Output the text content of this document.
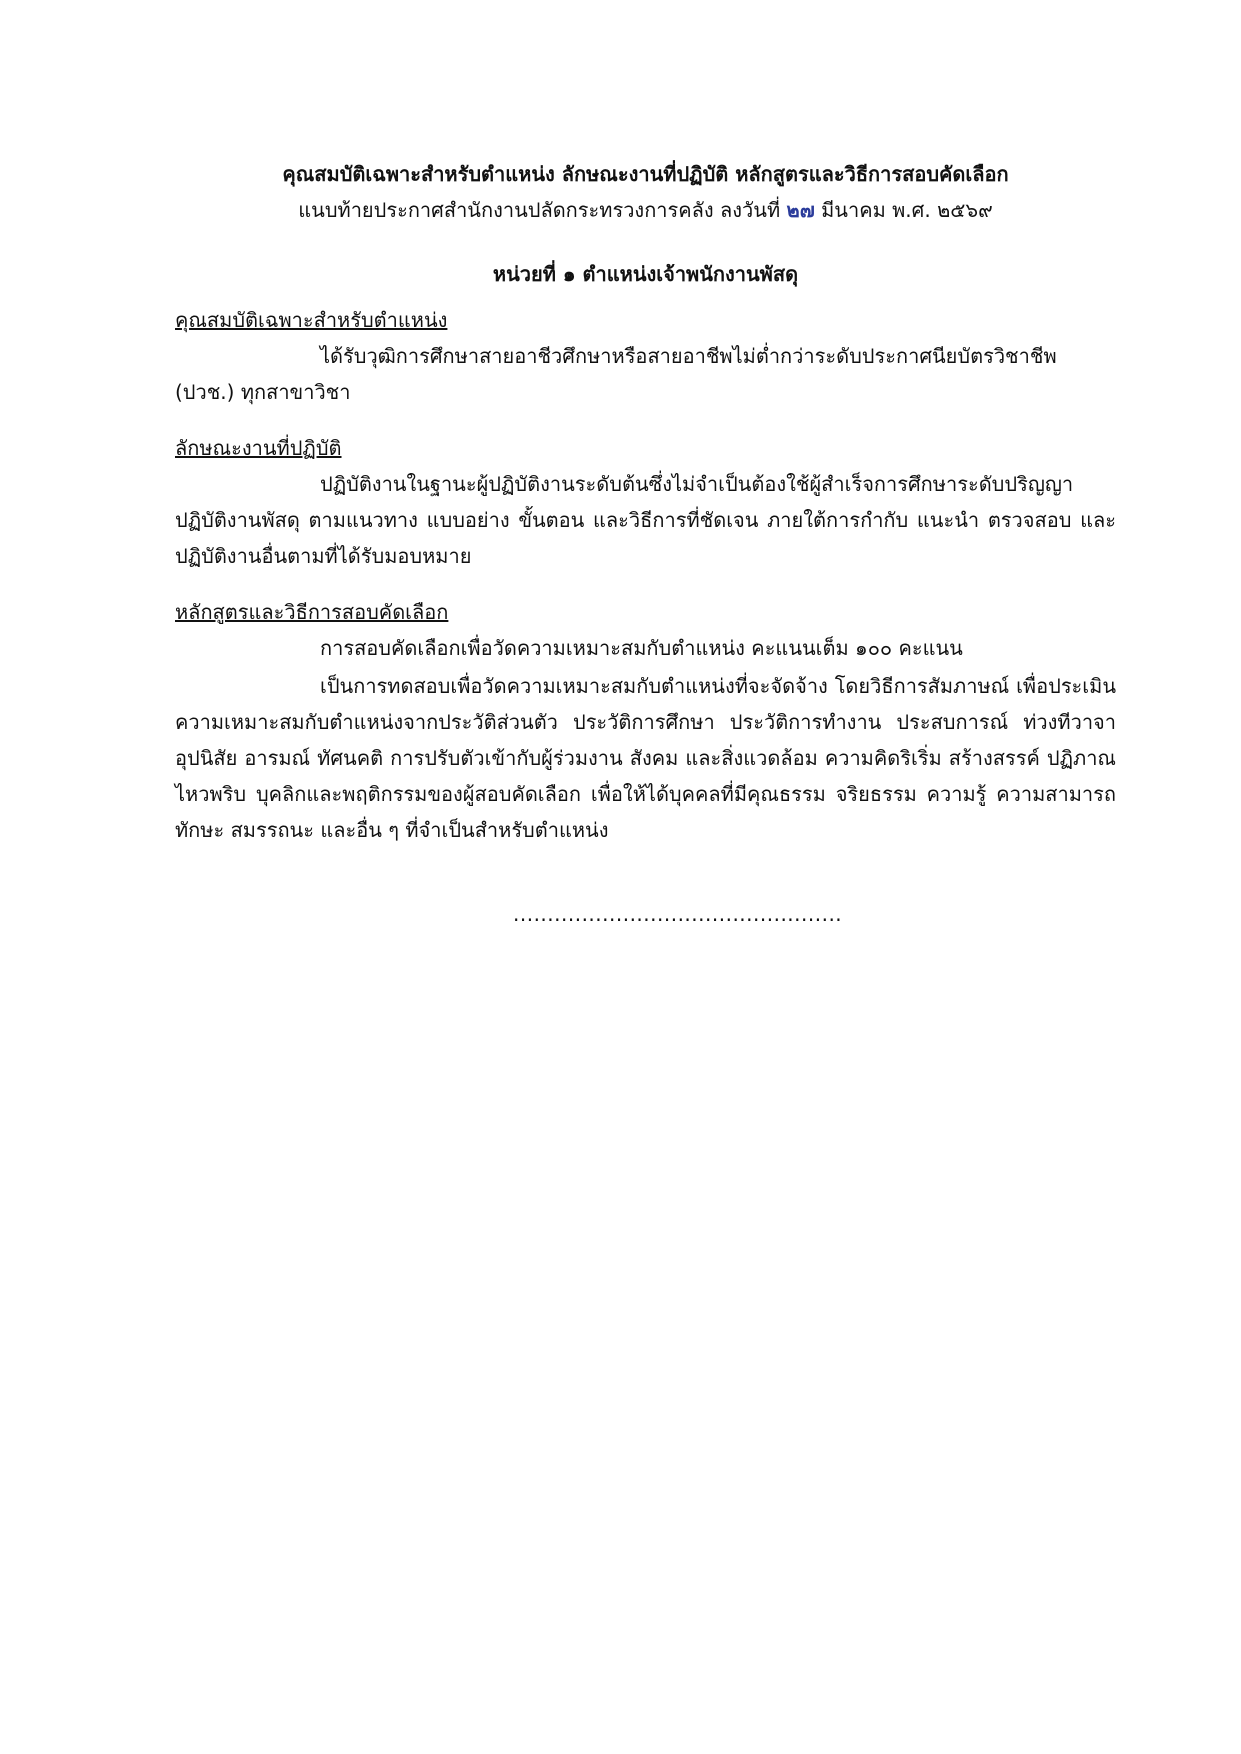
คุณสมบัติเฉพาะสำหรับตำแหน่ง ลักษณะงานที่ปฏิบัติ หลักสูตรและวิธีการสอบคัดเลือก
แนบท้ายประกาศสำนักงานปลัดกระทรวงการคลัง ลงวันที่ ๒๗ มีนาคม พ.ศ. ๒๕๖๙
หน่วยที่ ๑ ตำแหน่งเจ้าพนักงานพัสดุ
คุณสมบัติเฉพาะสำหรับตำแหน่ง

ได้รับวุฒิการศึกษาสายอาชีวศึกษาหรือสายอาชีพไม่ต่ำกว่าระดับประกาศนียบัตรวิชาชีพ (ปวช.) ทุกสาขาวิชา

ลักษณะงานที่ปฏิบัติ

ปฏิบัติงานในฐานะผู้ปฏิบัติงานระดับต้นซึ่งไม่จำเป็นต้องใช้ผู้สำเร็จการศึกษาระดับปริญญา ปฏิบัติงานพัสดุ ตามแนวทาง แบบอย่าง ขั้นตอน และวิธีการที่ชัดเจน ภายใต้การกำกับ แนะนำ ตรวจสอบ และปฏิบัติงานอื่นตามที่ได้รับมอบหมาย

หลักสูตรและวิธีการสอบคัดเลือก

การสอบคัดเลือกเพื่อวัดความเหมาะสมกับตำแหน่ง คะแนนเต็ม ๑๐๐ คะแนน

เป็นการทดสอบเพื่อวัดความเหมาะสมกับตำแหน่งที่จะจัดจ้าง โดยวิธีการสัมภาษณ์ เพื่อประเมินความเหมาะสมกับตำแหน่งจากประวัติส่วนตัว ประวัติการศึกษา ประวัติการทำงาน ประสบการณ์ ท่วงทีวาจา อุปนิสัย อารมณ์ ทัศนคติ การปรับตัวเข้ากับผู้ร่วมงาน สังคม และสิ่งแวดล้อม ความคิดริเริ่ม สร้างสรรค์ ปฏิภาณไหวพริบ บุคลิกและพฤติกรรมของผู้สอบคัดเลือก เพื่อให้ได้บุคคลที่มีคุณธรรม จริยธรรม ความรู้ ความสามารถ ทักษะ สมรรถนะ และอื่น ๆ ที่จำเป็นสำหรับตำแหน่ง

................................................
